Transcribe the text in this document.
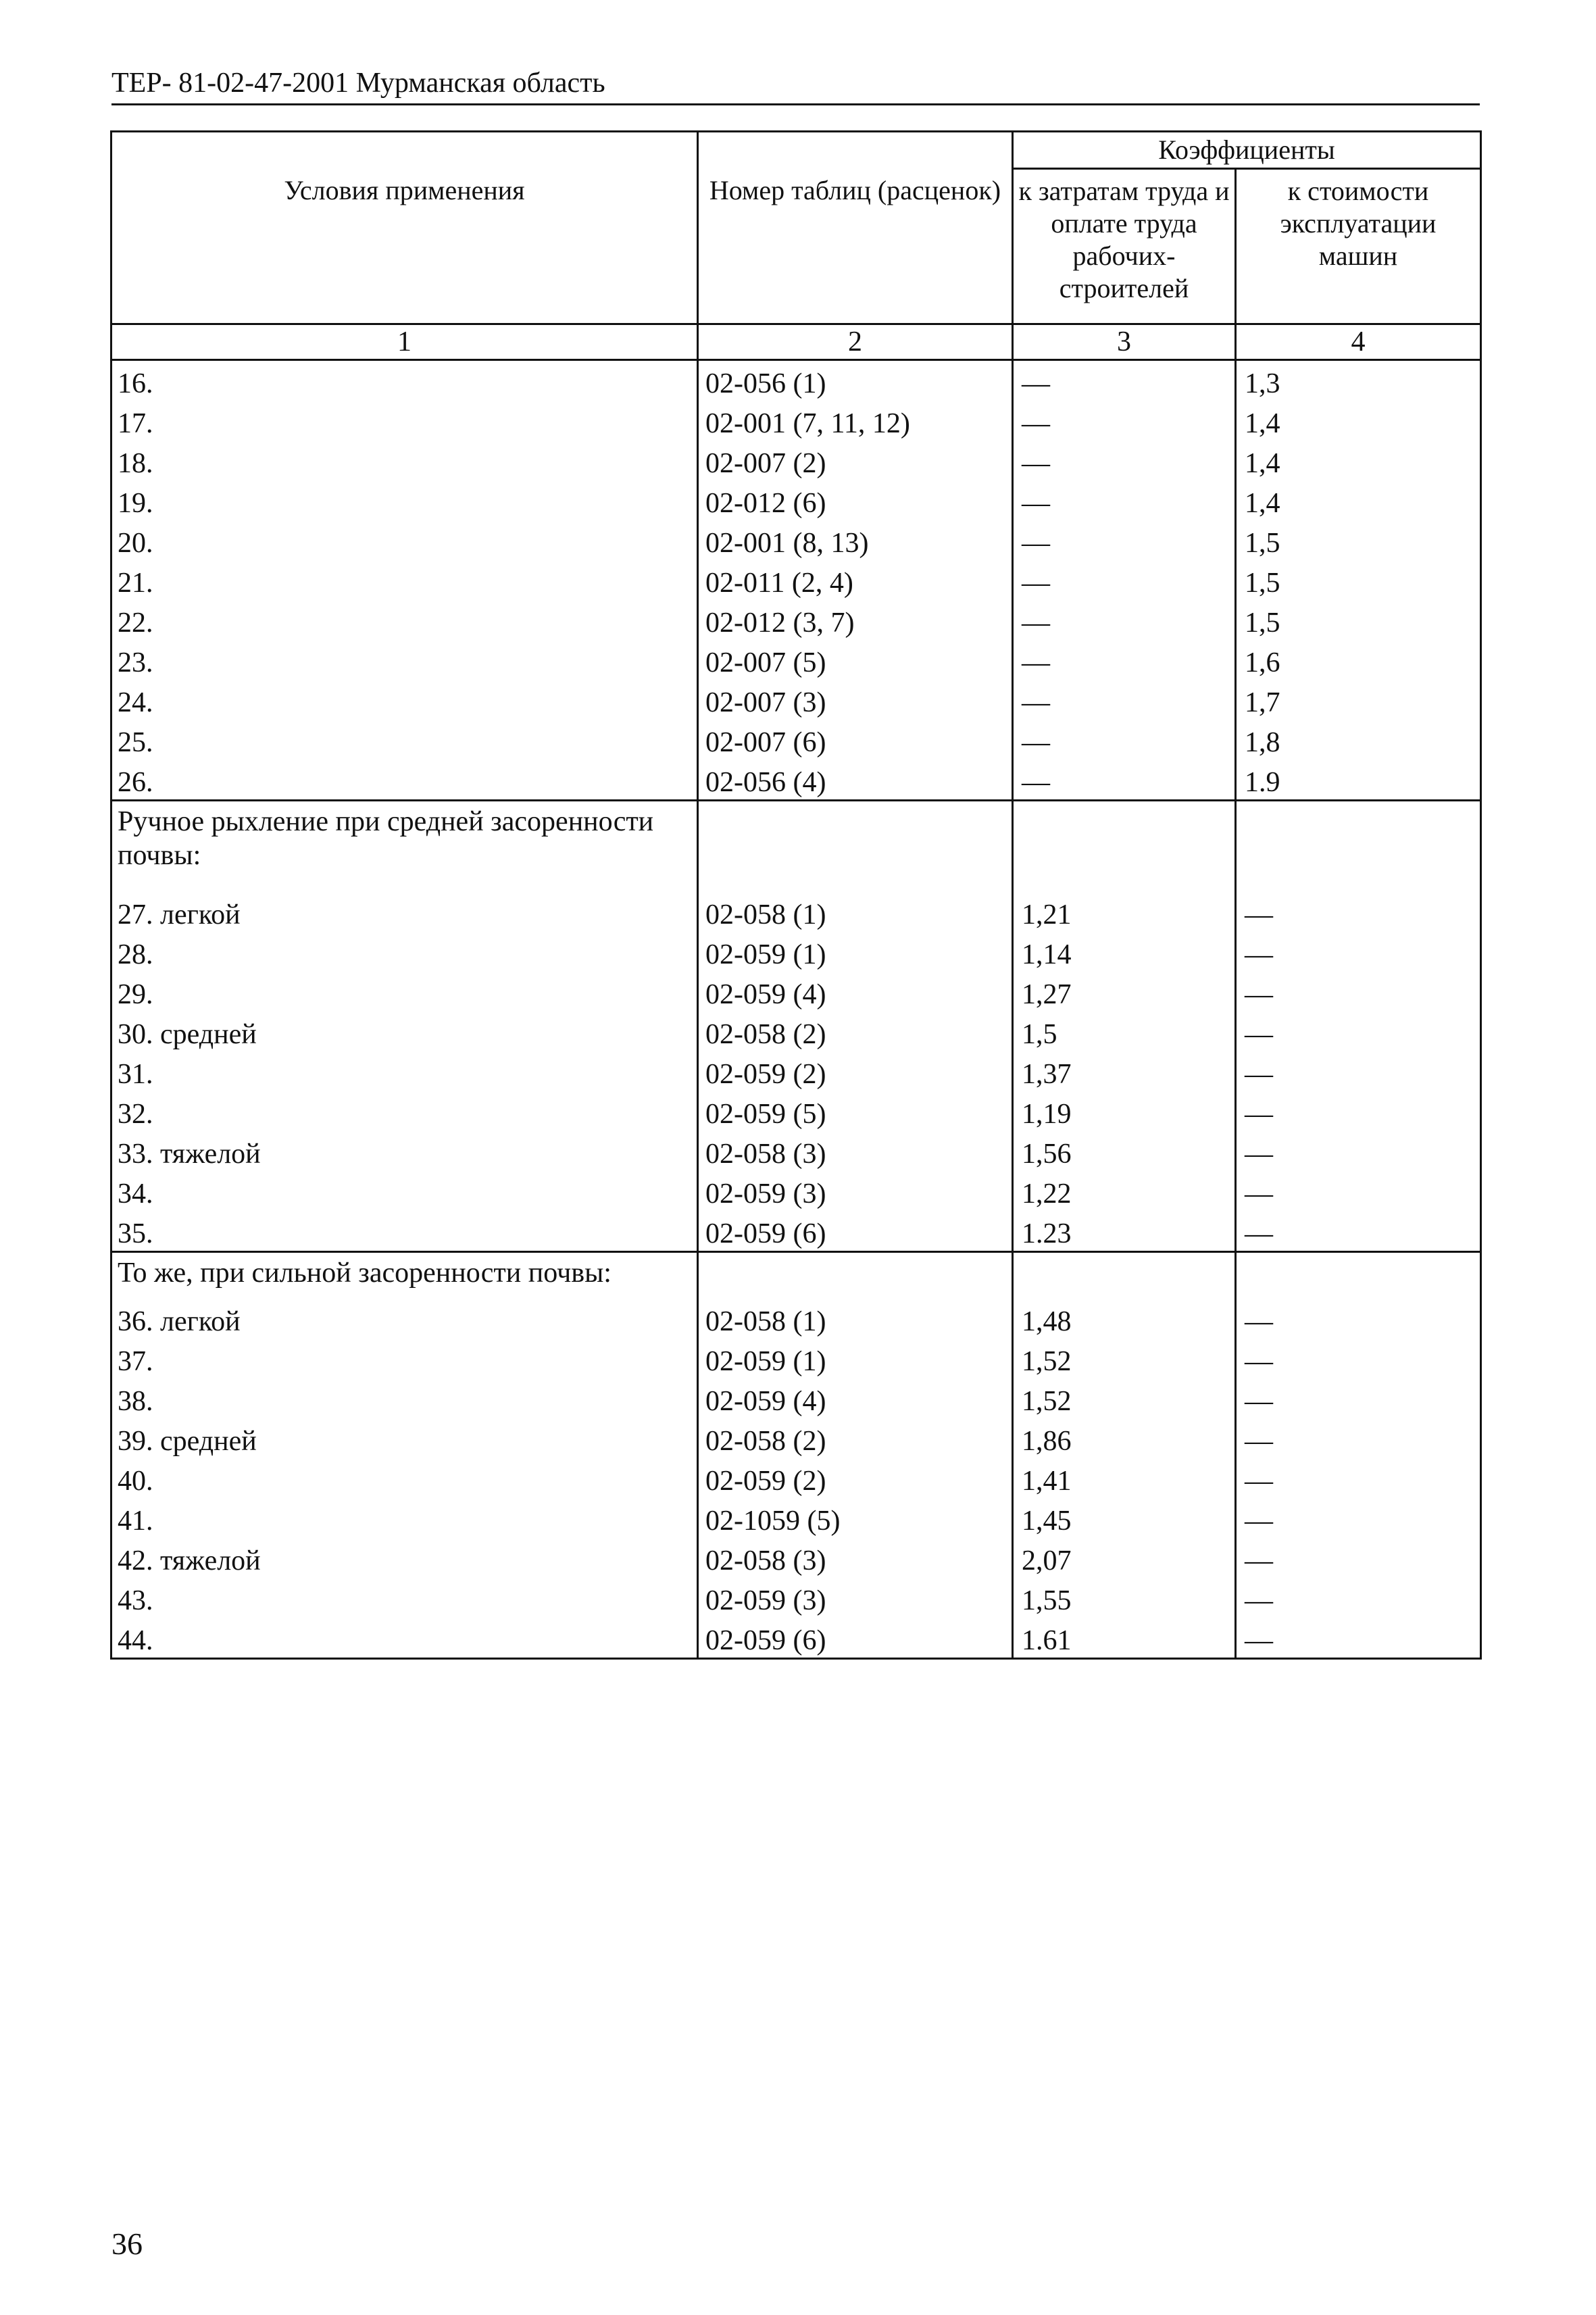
ТЕР- 81-02-47-2001 Мурманская область
Условия применения	Номер таблиц (расценок)	Коэффициенты	
		к затратам труда и оплате труда рабочих-строителей	к стоимости эксплуатации машин
1	2	3	4
16.	02-056 (1)	—	1,3
17.	02-001 (7, 11, 12)	—	1,4
18.	02-007 (2)	—	1,4
19.	02-012 (6)	—	1,4
20.	02-001 (8, 13)	—	1,5
21.	02-011 (2, 4)	—	1,5
22.	02-012 (3, 7)	—	1,5
23.	02-007 (5)	—	1,6
24.	02-007 (3)	—	1,7
25.	02-007 (6)	—	1,8
26.	02-056 (4)	—	1.9
Ручное рыхление при средней засоренности почвы:			
27. легкой	02-058 (1)	1,21	—
28.	02-059 (1)	1,14	—
29.	02-059 (4)	1,27	—
30. средней	02-058 (2)	1,5	—
31.	02-059 (2)	1,37	—
32.	02-059 (5)	1,19	—
33. тяжелой	02-058 (3)	1,56	—
34.	02-059 (3)	1,22	—
35.	02-059 (6)	1.23	—
То же, при сильной засоренности почвы:			
36. легкой	02-058 (1)	1,48	—
37.	02-059 (1)	1,52	—
38.	02-059 (4)	1,52	—
39. средней	02-058 (2)	1,86	—
40.	02-059 (2)	1,41	—
41.	02-1059 (5)	1,45	—
42. тяжелой	02-058 (3)	2,07	—
43.	02-059 (3)	1,55	—
44.	02-059 (6)	1.61	—
36
